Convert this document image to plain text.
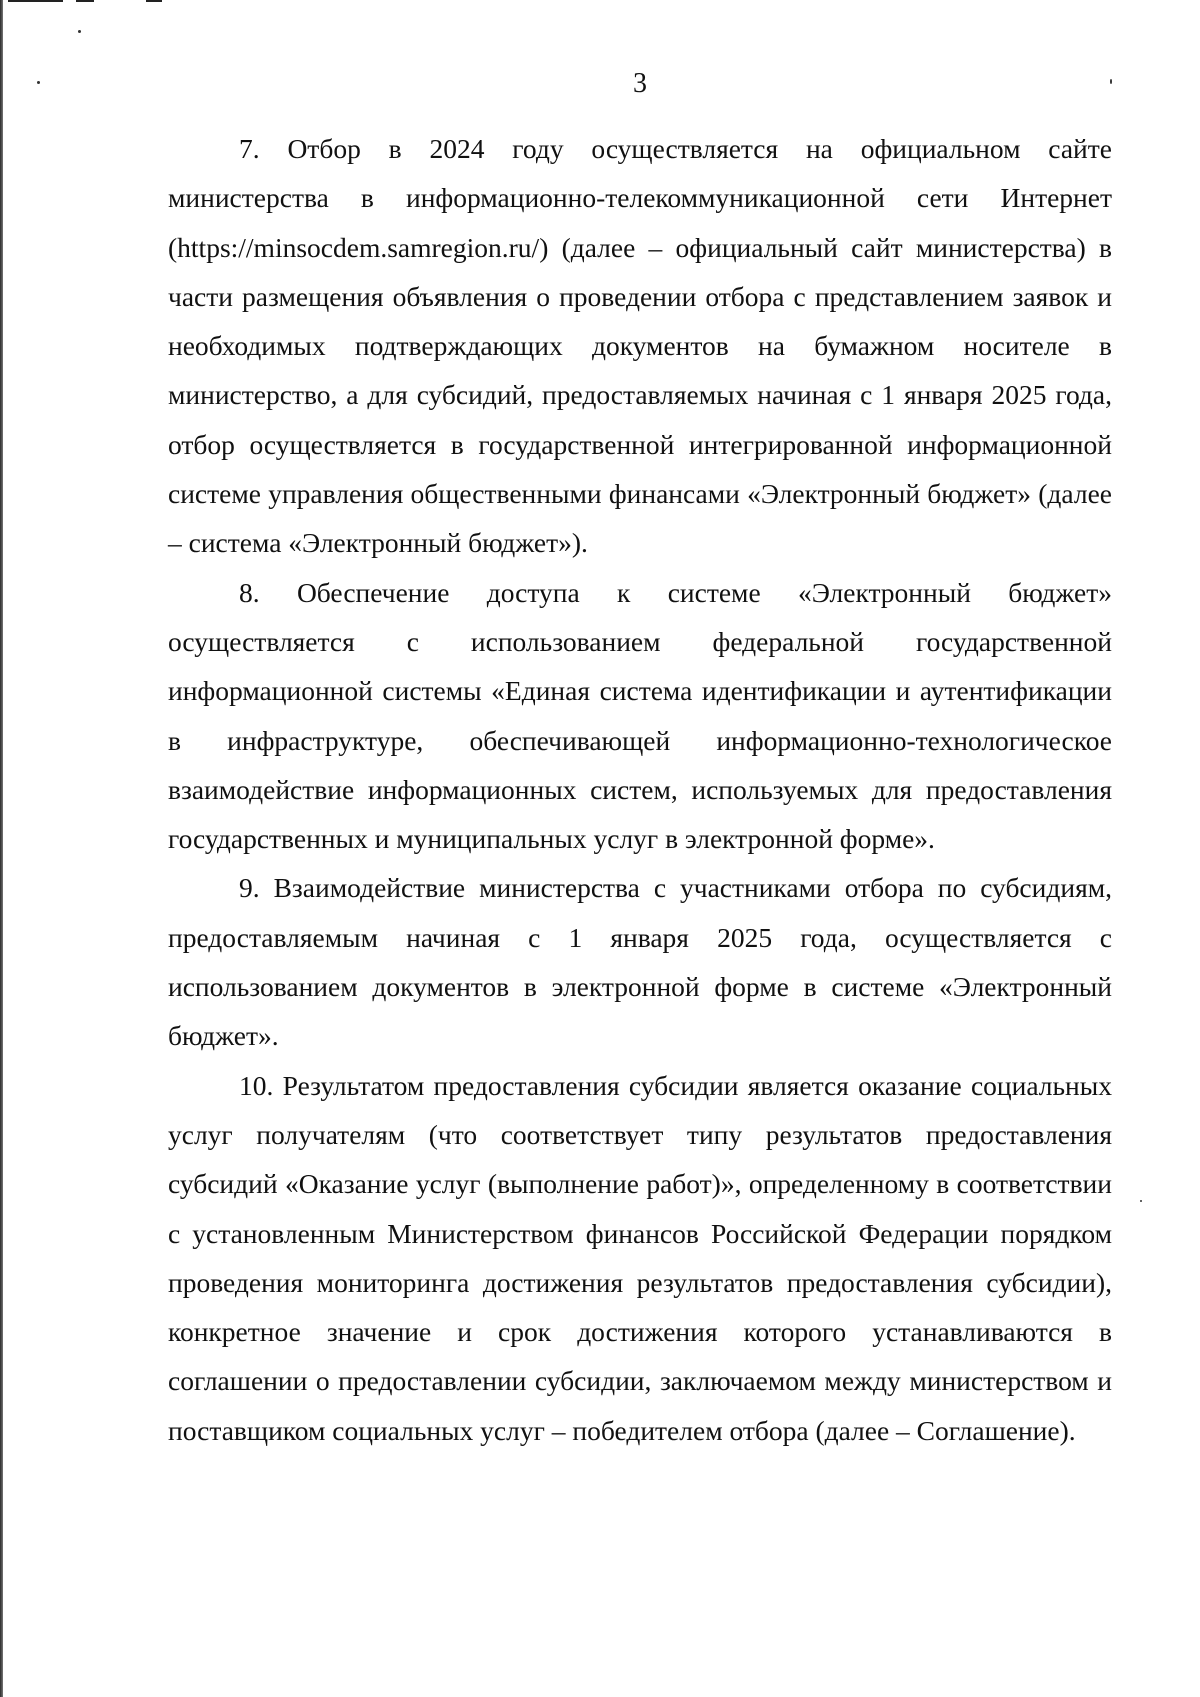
3

7. Отбор в 2024 году осуществляется на официальном сайте министерства в информационно-телекоммуникационной сети Интернет (https://minsocdem.samregion.ru/) (далее – официальный сайт министерства) в части размещения объявления о проведении отбора с представлением заявок и необходимых подтверждающих документов на бумажном носителе в министерство, а для субсидий, предоставляемых начиная с 1 января 2025 года, отбор осуществляется в государственной интегрированной информационной системе управления общественными финансами «Электронный бюджет» (далее – система «Электронный бюджет»).

8. Обеспечение доступа к системе «Электронный бюджет» осуществляется с использованием федеральной государственной информационной системы «Единая система идентификации и аутентификации в инфраструктуре, обеспечивающей информационно-технологическое взаимодействие информационных систем, используемых для предоставления государственных и муниципальных услуг в электронной форме».

9. Взаимодействие министерства с участниками отбора по субсидиям, предоставляемым начиная с 1 января 2025 года, осуществляется с использованием документов в электронной форме в системе «Электронный бюджет».

10. Результатом предоставления субсидии является оказание социальных услуг получателям (что соответствует типу результатов предоставления субсидий «Оказание услуг (выполнение работ)», определенному в соответствии с установленным Министерством финансов Российской Федерации порядком проведения мониторинга достижения результатов предоставления субсидии), конкретное значение и срок достижения которого устанавливаются в соглашении о предоставлении субсидии, заключаемом между министерством и поставщиком социальных услуг – победителем отбора (далее – Соглашение).
